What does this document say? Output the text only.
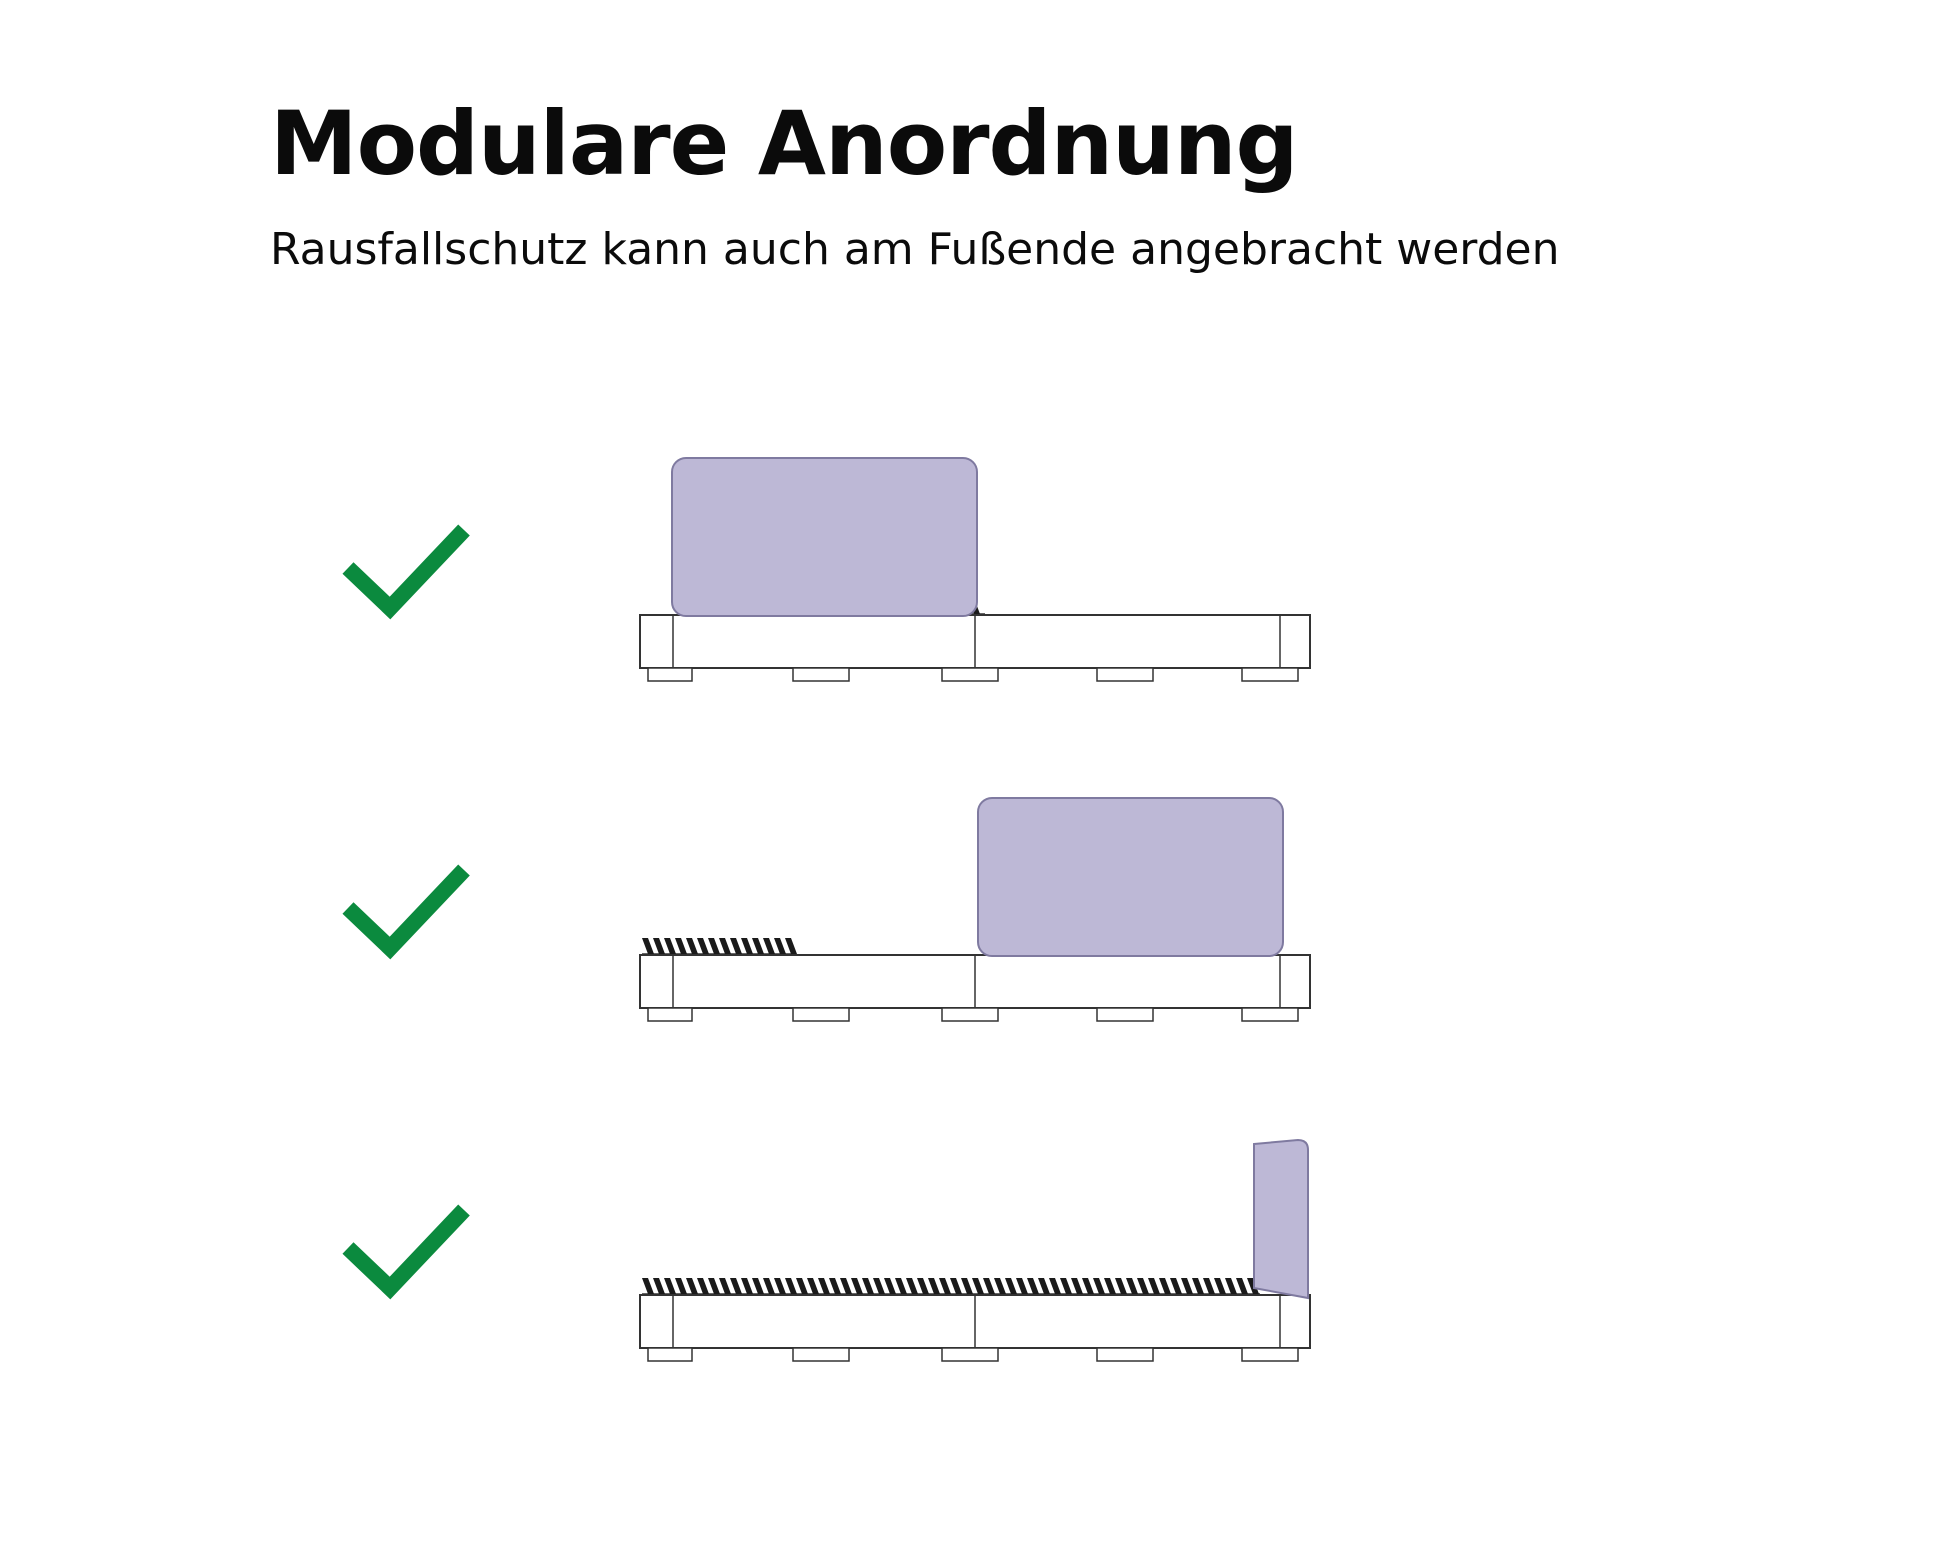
Modulare Anordnung
Rausfallschutz kann auch am Fußende angebracht werden
